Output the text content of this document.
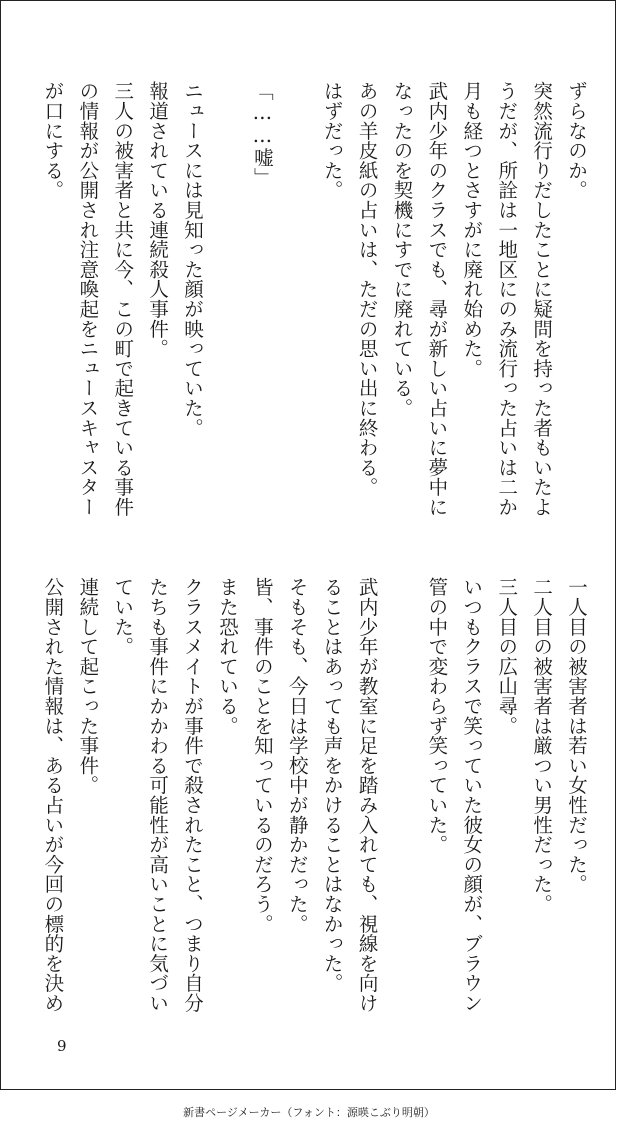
ずらなのか。
突然流行りだしたことに疑問を持った者もいたよ
うだが、所詮は一地区にのみ流行った占いは二か
月も経つとさすがに廃れ始めた。
武内少年のクラスでも、尋が新しい占いに夢中に
なったのを契機にすでに廃れている。
あの羊皮紙の占いは、ただの思い出に終わる。
はずだった。

「……嘘」

ニュースには見知った顔が映っていた。
報道されている連続殺人事件。
三人の被害者と共に今、この町で起きている事件
の情報が公開され注意喚起をニュースキャスター
が口にする。
一人目の被害者は若い女性だった。
二人目の被害者は厳つい男性だった。
三人目の広山尋。
いつもクラスで笑っていた彼女の顔が、ブラウン
管の中で変わらず笑っていた。

武内少年が教室に足を踏み入れても、視線を向け
ることはあっても声をかけることはなかった。
そもそも、今日は学校中が静かだった。
皆、事件のことを知っているのだろう。
また恐れている。
クラスメイトが事件で殺されたこと、つまり自分
たちも事件にかかわる可能性が高いことに気づい
ていた。
連続して起こった事件。
公開された情報は、ある占いが今回の標的を決め
9
新書ページメーカー（フォント：源暎こぶり明朝）
